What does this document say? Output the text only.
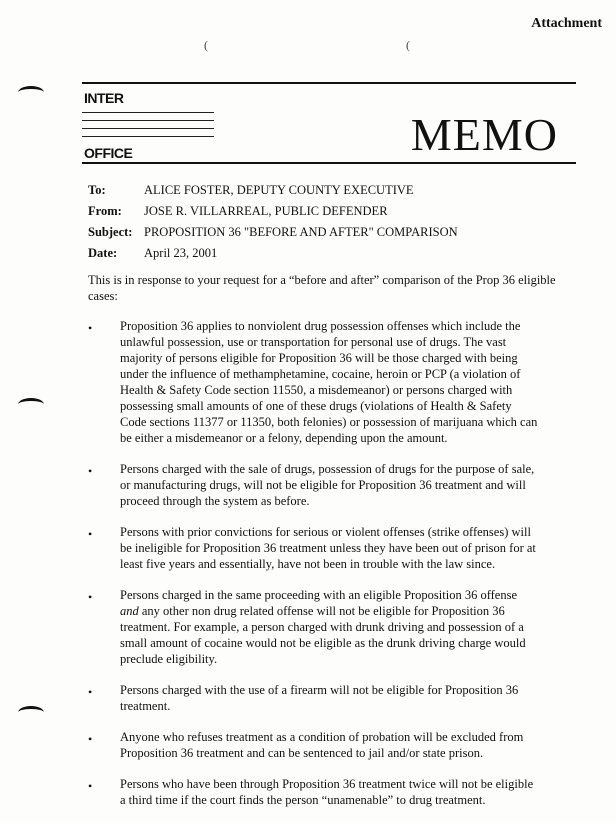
Attachment
(	(
INTER
OFFICE	MEMO
To:	ALICE FOSTER, DEPUTY COUNTY EXECUTIVE
From:	JOSE R. VILLARREAL, PUBLIC DEFENDER
Subject: PROPOSITION 36 "BEFORE AND AFTER" COMPARISON
Date:	April 23, 2001
This is in response to your request for a “before and after” comparison of the Prop 36 eligible cases:
•	Proposition 36 applies to nonviolent drug possession offenses which include the unlawful possession, use or transportation for personal use of drugs. The vast majority of persons eligible for Proposition 36 will be those charged with being under the influence of methamphetamine, cocaine, heroin or PCP (a violation of Health & Safety Code section 11550, a misdemeanor) or persons charged with possessing small amounts of one of these drugs (violations of Health & Safety Code sections 11377 or 11350, both felonies) or possession of marijuana which can be either a misdemeanor or a felony, depending upon the amount.
•	Persons charged with the sale of drugs, possession of drugs for the purpose of sale, or manufacturing drugs, will not be eligible for Proposition 36 treatment and will proceed through the system as before.
•	Persons with prior convictions for serious or violent offenses (strike offenses) will be ineligible for Proposition 36 treatment unless they have been out of prison for at least five years and essentially, have not been in trouble with the law since.
•	Persons charged in the same proceeding with an eligible Proposition 36 offense and any other non drug related offense will not be eligible for Proposition 36 treatment. For example, a person charged with drunk driving and possession of a small amount of cocaine would not be eligible as the drunk driving charge would preclude eligibility.
•	Persons charged with the use of a firearm will not be eligible for Proposition 36 treatment.
•	Anyone who refuses treatment as a condition of probation will be excluded from Proposition 36 treatment and can be sentenced to jail and/or state prison.
•	Persons who have been through Proposition 36 treatment twice will not be eligible a third time if the court finds the person “unamenable” to drug treatment.
